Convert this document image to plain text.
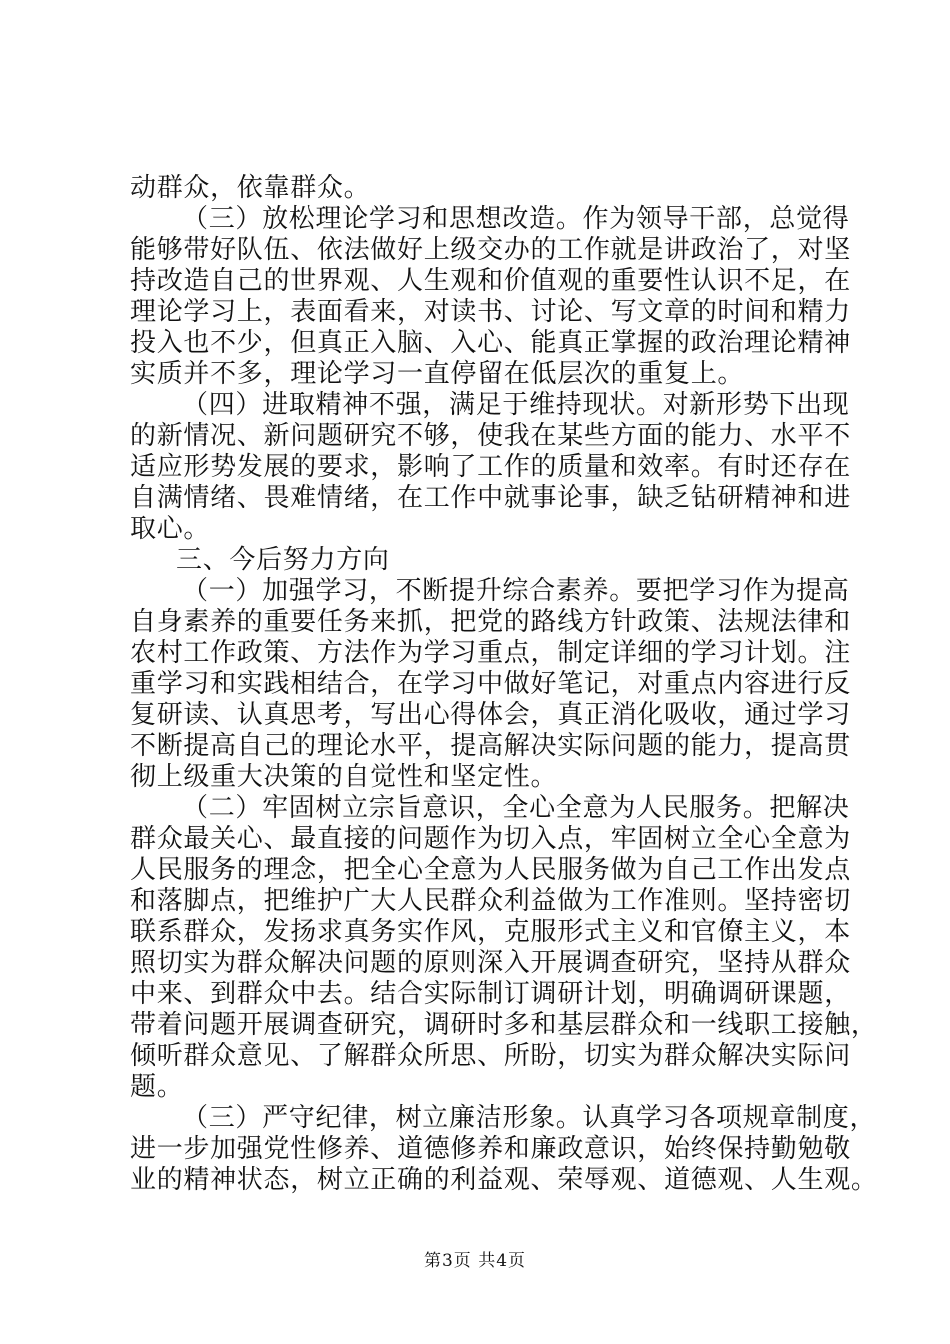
动群众，依靠群众。
（三）放松理论学习和思想改造。作为领导干部，总觉得
能够带好队伍、依法做好上级交办的工作就是讲政治了，对坚
持改造自己的世界观、人生观和价值观的重要性认识不足，在
理论学习上，表面看来，对读书、讨论、写文章的时间和精力
投入也不少，但真正入脑、入心、能真正掌握的政治理论精神
实质并不多，理论学习一直停留在低层次的重复上。
（四）进取精神不强，满足于维持现状。对新形势下出现
的新情况、新问题研究不够，使我在某些方面的能力、水平不
适应形势发展的要求，影响了工作的质量和效率。有时还存在
自满情绪、畏难情绪，在工作中就事论事，缺乏钻研精神和进
取心。
三、今后努力方向
（一）加强学习，不断提升综合素养。要把学习作为提高
自身素养的重要任务来抓，把党的路线方针政策、法规法律和
农村工作政策、方法作为学习重点，制定详细的学习计划。注
重学习和实践相结合，在学习中做好笔记，对重点内容进行反
复研读、认真思考，写出心得体会，真正消化吸收，通过学习
不断提高自己的理论水平，提高解决实际问题的能力，提高贯
彻上级重大决策的自觉性和坚定性。
（二）牢固树立宗旨意识，全心全意为人民服务。把解决
群众最关心、最直接的问题作为切入点，牢固树立全心全意为
人民服务的理念，把全心全意为人民服务做为自己工作出发点
和落脚点，把维护广大人民群众利益做为工作准则。坚持密切
联系群众，发扬求真务实作风，克服形式主义和官僚主义，本
照切实为群众解决问题的原则深入开展调查研究，坚持从群众
中来、到群众中去。结合实际制订调研计划，明确调研课题，
带着问题开展调查研究，调研时多和基层群众和一线职工接触，
倾听群众意见、了解群众所思、所盼，切实为群众解决实际问
题。
（三）严守纪律，树立廉洁形象。认真学习各项规章制度，
进一步加强党性修养、道德修养和廉政意识，始终保持勤勉敬
业的精神状态，树立正确的利益观、荣辱观、道德观、人生观。
第3页 共4页
